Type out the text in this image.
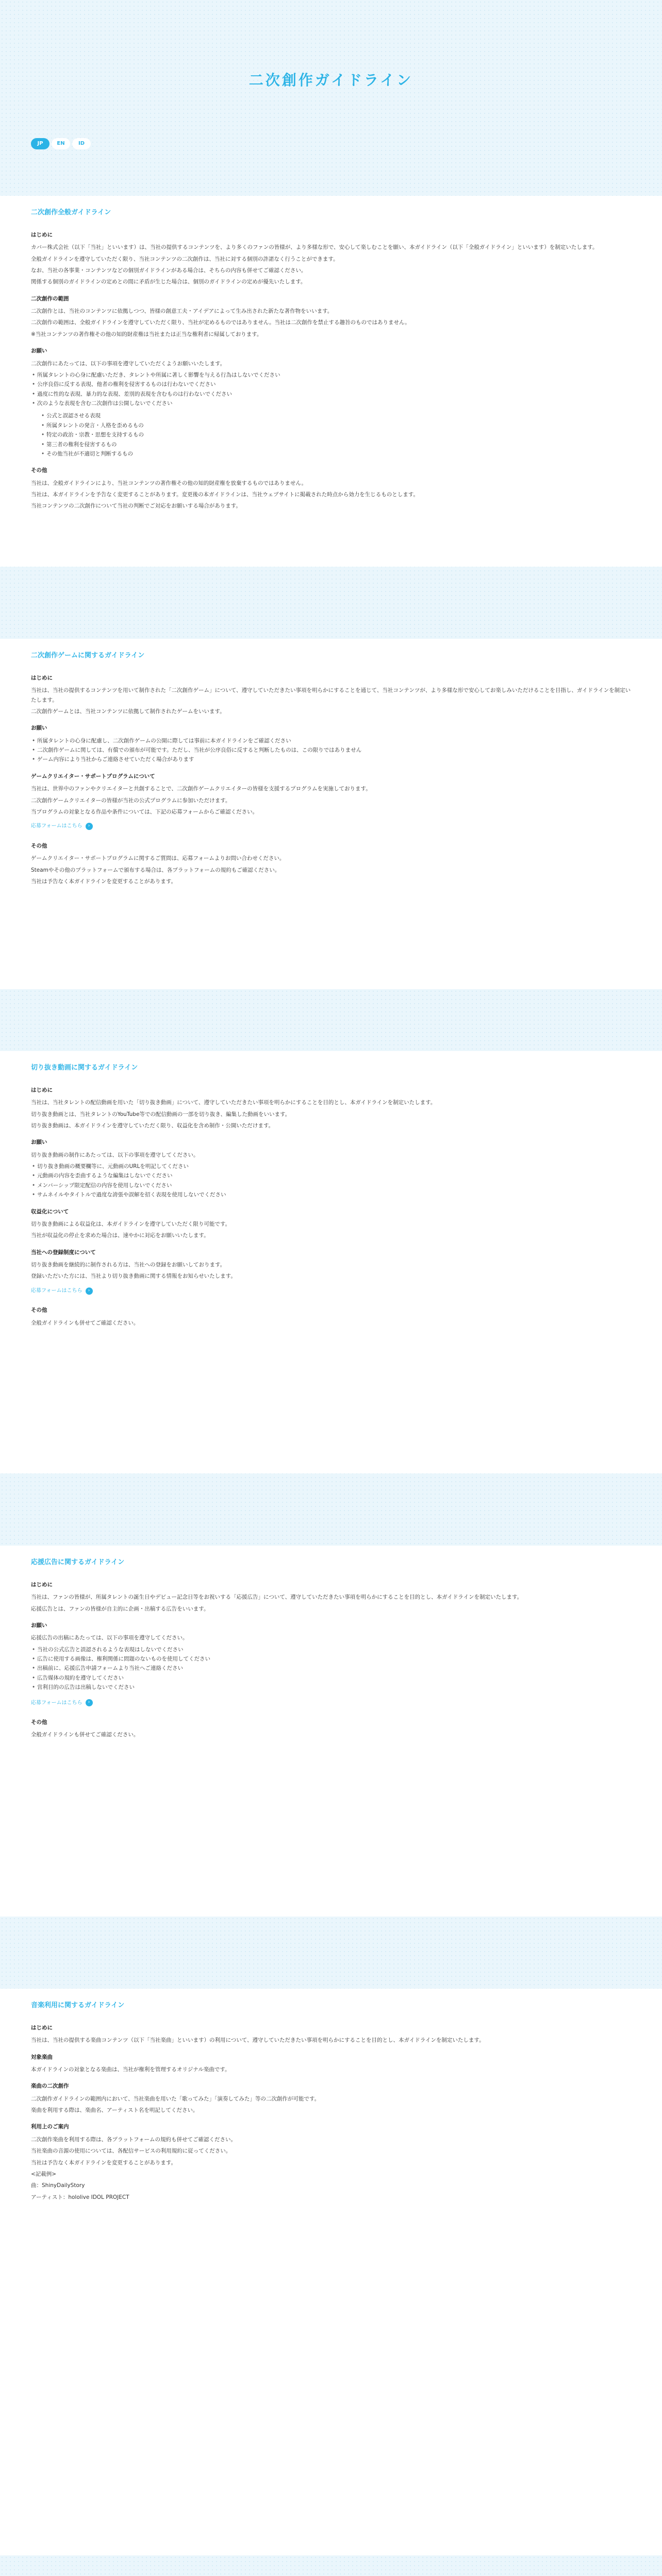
二次創作ガイドライン
JP	EN	ID
二次創作全般ガイドライン
はじめに

カバー株式会社（以下「当社」といいます）は、当社の提供するコンテンツを、より多くのファンの皆様が、より多様な形で、安心して楽しむことを願い、本ガイドライン（以下「全般ガイドライン」といいます）を制定いたします。

全般ガイドラインを遵守していただく限り、当社コンテンツの二次創作は、当社に対する個別の許諾なく行うことができます。

なお、当社の各事業・コンテンツなどの個別ガイドラインがある場合は、そちらの内容も併せてご確認ください。

関係する個別のガイドラインの定めとの間に矛盾が生じた場合は、個別のガイドラインの定めが優先いたします。

二次創作の範囲

二次創作とは、当社のコンテンツに依拠しつつ、皆様の創意工夫・アイデアによって生み出された新たな著作物をいいます。

二次創作の範囲は、全般ガイドラインを遵守していただく限り、当社が定めるものではありません。当社は二次創作を禁止する趣旨のものではありません。

※当社コンテンツの著作権その他の知的財産権は当社または正当な権利者に帰属しております。

お願い

二次創作にあたっては、以下の事項を遵守していただくようお願いいたします。

• 所属タレントの心身に配慮いただき、タレントや所属に著しく影響を与える行為はしないでください
• 公序良俗に反する表現、他者の権利を侵害するものは行わないでください
• 過度に性的な表現、暴力的な表現、差別的表現を含むものは行わないでください
• 次のような表現を含む二次創作は公開しないでください
• 公式と誤認させる表現
• 所属タレントの発言・人格を歪めるもの
• 特定の政治・宗教・思想を支持するもの
• 第三者の権利を侵害するもの
• その他当社が不適切と判断するもの
その他

当社は、全般ガイドラインにより、当社コンテンツの著作権その他の知的財産権を放棄するものではありません。

当社は、本ガイドラインを予告なく変更することがあります。変更後の本ガイドラインは、当社ウェブサイトに掲載された時点から効力を生じるものとします。

当社コンテンツの二次創作について当社の判断でご対応をお願いする場合があります。

二次創作ゲームに関するガイドライン
はじめに

当社は、当社の提供するコンテンツを用いて制作された「二次創作ゲーム」について、遵守していただきたい事項を明らかにすることを通じて、当社コンテンツが、より多様な形で安心してお楽しみいただけることを目指し、ガイドラインを制定いたします。

二次創作ゲームとは、当社コンテンツに依拠して制作されたゲームをいいます。

お願い
• 所属タレントの心身に配慮し、二次創作ゲームの公開に際しては事前に本ガイドラインをご確認ください
• 二次創作ゲームに関しては、有償での頒布が可能です。ただし、当社が公序良俗に反すると判断したものは、この限りではありません
• ゲーム内容により当社からご連絡させていただく場合があります
ゲームクリエイター・サポートプログラムについて

当社は、世界中のファンやクリエイターと共創することで、二次創作ゲームクリエイターの皆様を支援するプログラムを実施しております。

二次創作ゲームクリエイターの皆様が当社の公式プログラムに参加いただけます。

当プログラムの対象となる作品や条件については、下記の応募フォームからご確認ください。

応募フォームはこちら	›
その他

ゲームクリエイター・サポートプログラムに関するご質問は、応募フォームよりお問い合わせください。

Steamやその他のプラットフォームで頒布する場合は、各プラットフォームの規約もご確認ください。

当社は予告なく本ガイドラインを変更することがあります。

切り抜き動画に関するガイドライン
はじめに

当社は、当社タレントの配信動画を用いた「切り抜き動画」について、遵守していただきたい事項を明らかにすることを目的とし、本ガイドラインを制定いたします。

切り抜き動画とは、当社タレントのYouTube等での配信動画の一部を切り抜き、編集した動画をいいます。

切り抜き動画は、本ガイドラインを遵守していただく限り、収益化を含め制作・公開いただけます。

お願い

切り抜き動画の制作にあたっては、以下の事項を遵守してください。

• 切り抜き動画の概要欄等に、元動画のURLを明記してください
• 元動画の内容を歪曲するような編集はしないでください
• メンバーシップ限定配信の内容を使用しないでください
• サムネイルやタイトルで過度な誇張や誤解を招く表現を使用しないでください
収益化について

切り抜き動画による収益化は、本ガイドラインを遵守していただく限り可能です。

当社が収益化の停止を求めた場合は、速やかに対応をお願いいたします。

当社への登録制度について

切り抜き動画を継続的に制作される方は、当社への登録をお願いしております。

登録いただいた方には、当社より切り抜き動画に関する情報をお知らせいたします。

応募フォームはこちら	›
その他

全般ガイドラインも併せてご確認ください。

応援広告に関するガイドライン
はじめに

当社は、ファンの皆様が、所属タレントの誕生日やデビュー記念日等をお祝いする「応援広告」について、遵守していただきたい事項を明らかにすることを目的とし、本ガイドラインを制定いたします。

応援広告とは、ファンの皆様が自主的に企画・出稿する広告をいいます。

お願い

応援広告の出稿にあたっては、以下の事項を遵守してください。

• 当社の公式広告と誤認されるような表現はしないでください
• 広告に使用する画像は、権利関係に問題のないものを使用してください
• 出稿前に、応援広告申請フォームより当社へご連絡ください
• 広告媒体の規約を遵守してください
• 営利目的の広告は出稿しないでください
応募フォームはこちら	›
その他

全般ガイドラインも併せてご確認ください。

音楽利用に関するガイドライン
はじめに

当社は、当社の提供する楽曲コンテンツ（以下「当社楽曲」といいます）の利用について、遵守していただきたい事項を明らかにすることを目的とし、本ガイドラインを制定いたします。

対象楽曲

本ガイドラインの対象となる楽曲は、当社が権利を管理するオリジナル楽曲です。

楽曲の二次創作

二次創作ガイドラインの範囲内において、当社楽曲を用いた「歌ってみた」「演奏してみた」等の二次創作が可能です。

楽曲を利用する際は、楽曲名、アーティスト名を明記してください。

利用上のご案内

二次創作楽曲を利用する際は、各プラットフォームの規約も併せてご確認ください。

当社楽曲の音源の使用については、各配信サービスの利用規約に従ってください。

当社は予告なく本ガイドラインを変更することがあります。

<記載例>

曲：ShinyDailyStory

アーティスト：hololive IDOL PROJECT
